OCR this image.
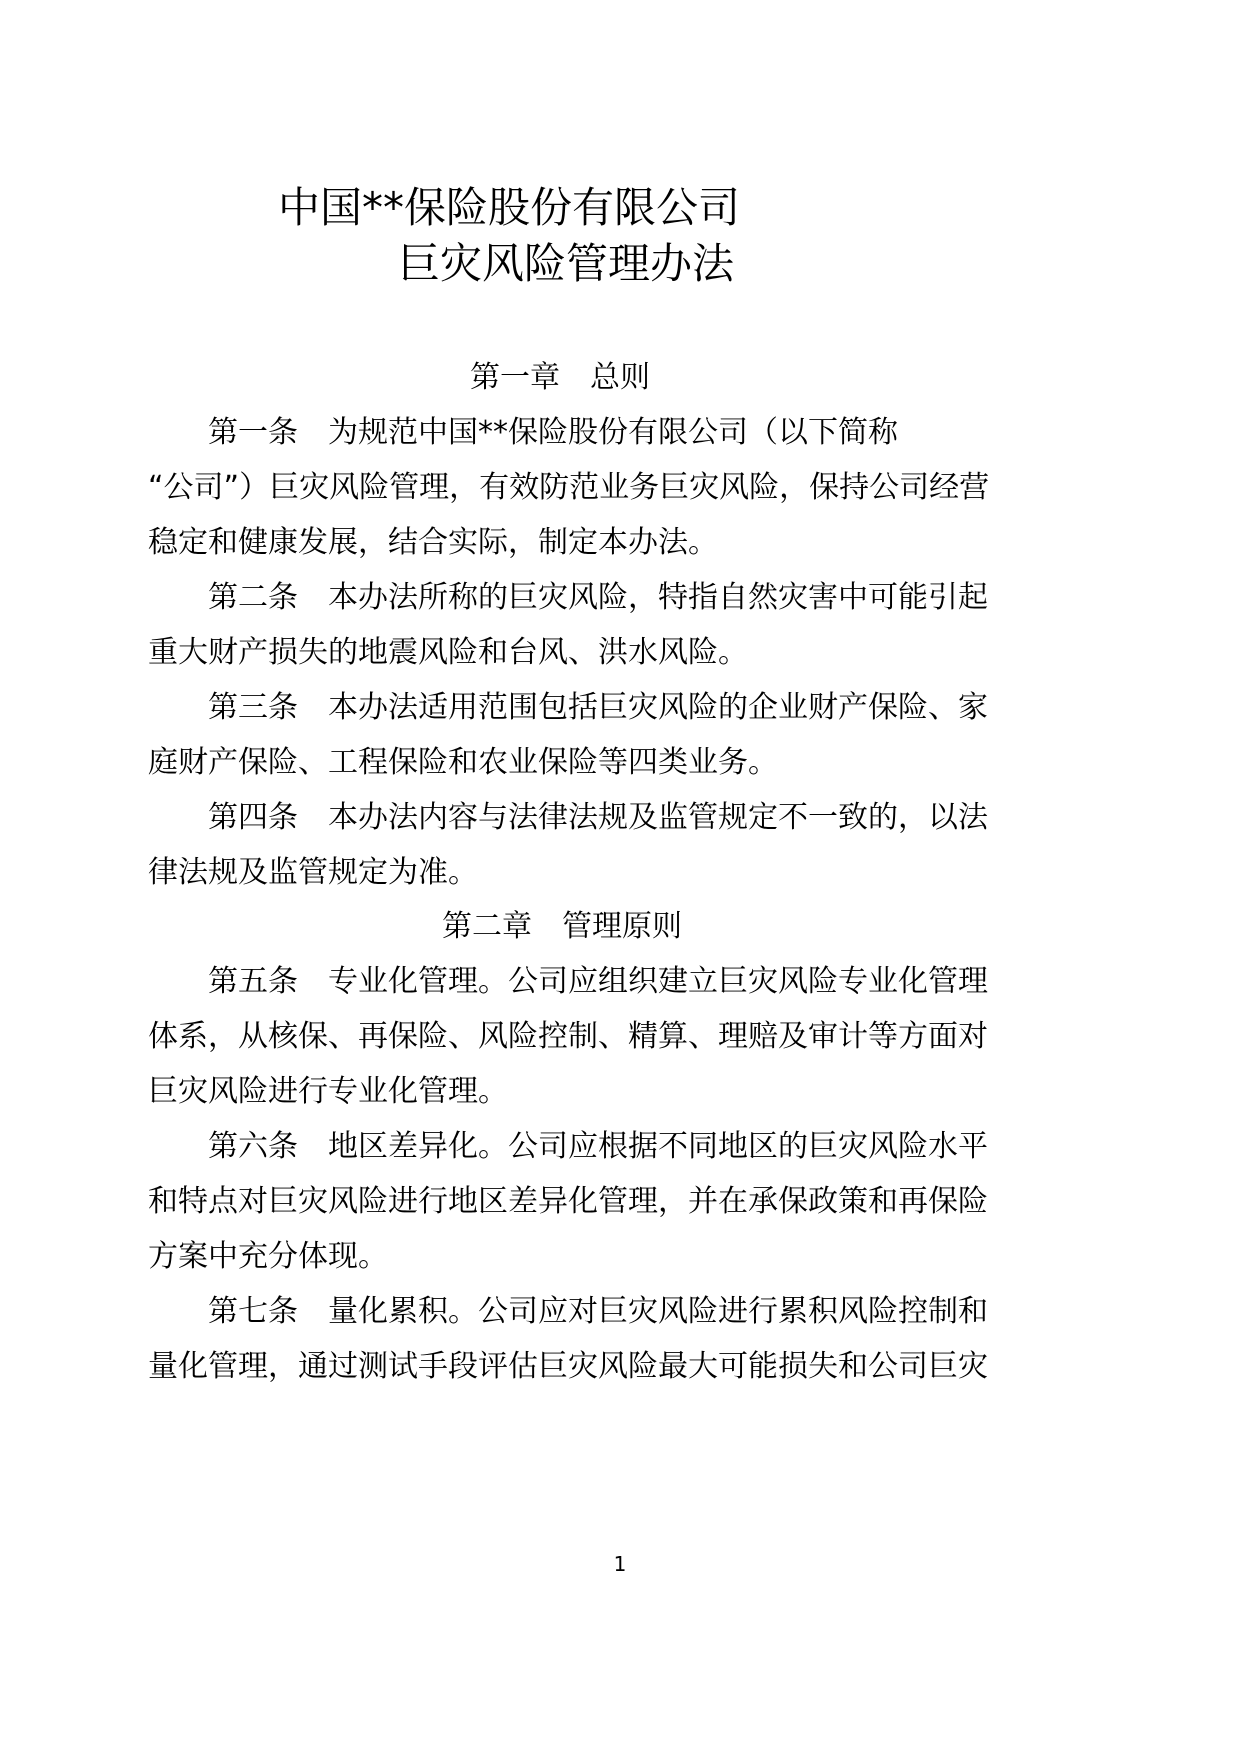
中国**保险股份有限公司
巨灾风险管理办法
第一章　总则
第一条　为规范中国**保险股份有限公司（以下简称
“公司”）巨灾风险管理，有效防范业务巨灾风险，保持公司经营
稳定和健康发展，结合实际，制定本办法。
第二条　本办法所称的巨灾风险，特指自然灾害中可能引起
重大财产损失的地震风险和台风、洪水风险。
第三条　本办法适用范围包括巨灾风险的企业财产保险、家
庭财产保险、工程保险和农业保险等四类业务。
第四条　本办法内容与法律法规及监管规定不一致的，以法
律法规及监管规定为准。
第二章　管理原则
第五条　专业化管理。公司应组织建立巨灾风险专业化管理
体系，从核保、再保险、风险控制、精算、理赔及审计等方面对
巨灾风险进行专业化管理。
第六条　地区差异化。公司应根据不同地区的巨灾风险水平
和特点对巨灾风险进行地区差异化管理，并在承保政策和再保险
方案中充分体现。
第七条　量化累积。公司应对巨灾风险进行累积风险控制和
量化管理，通过测试手段评估巨灾风险最大可能损失和公司巨灾
1
